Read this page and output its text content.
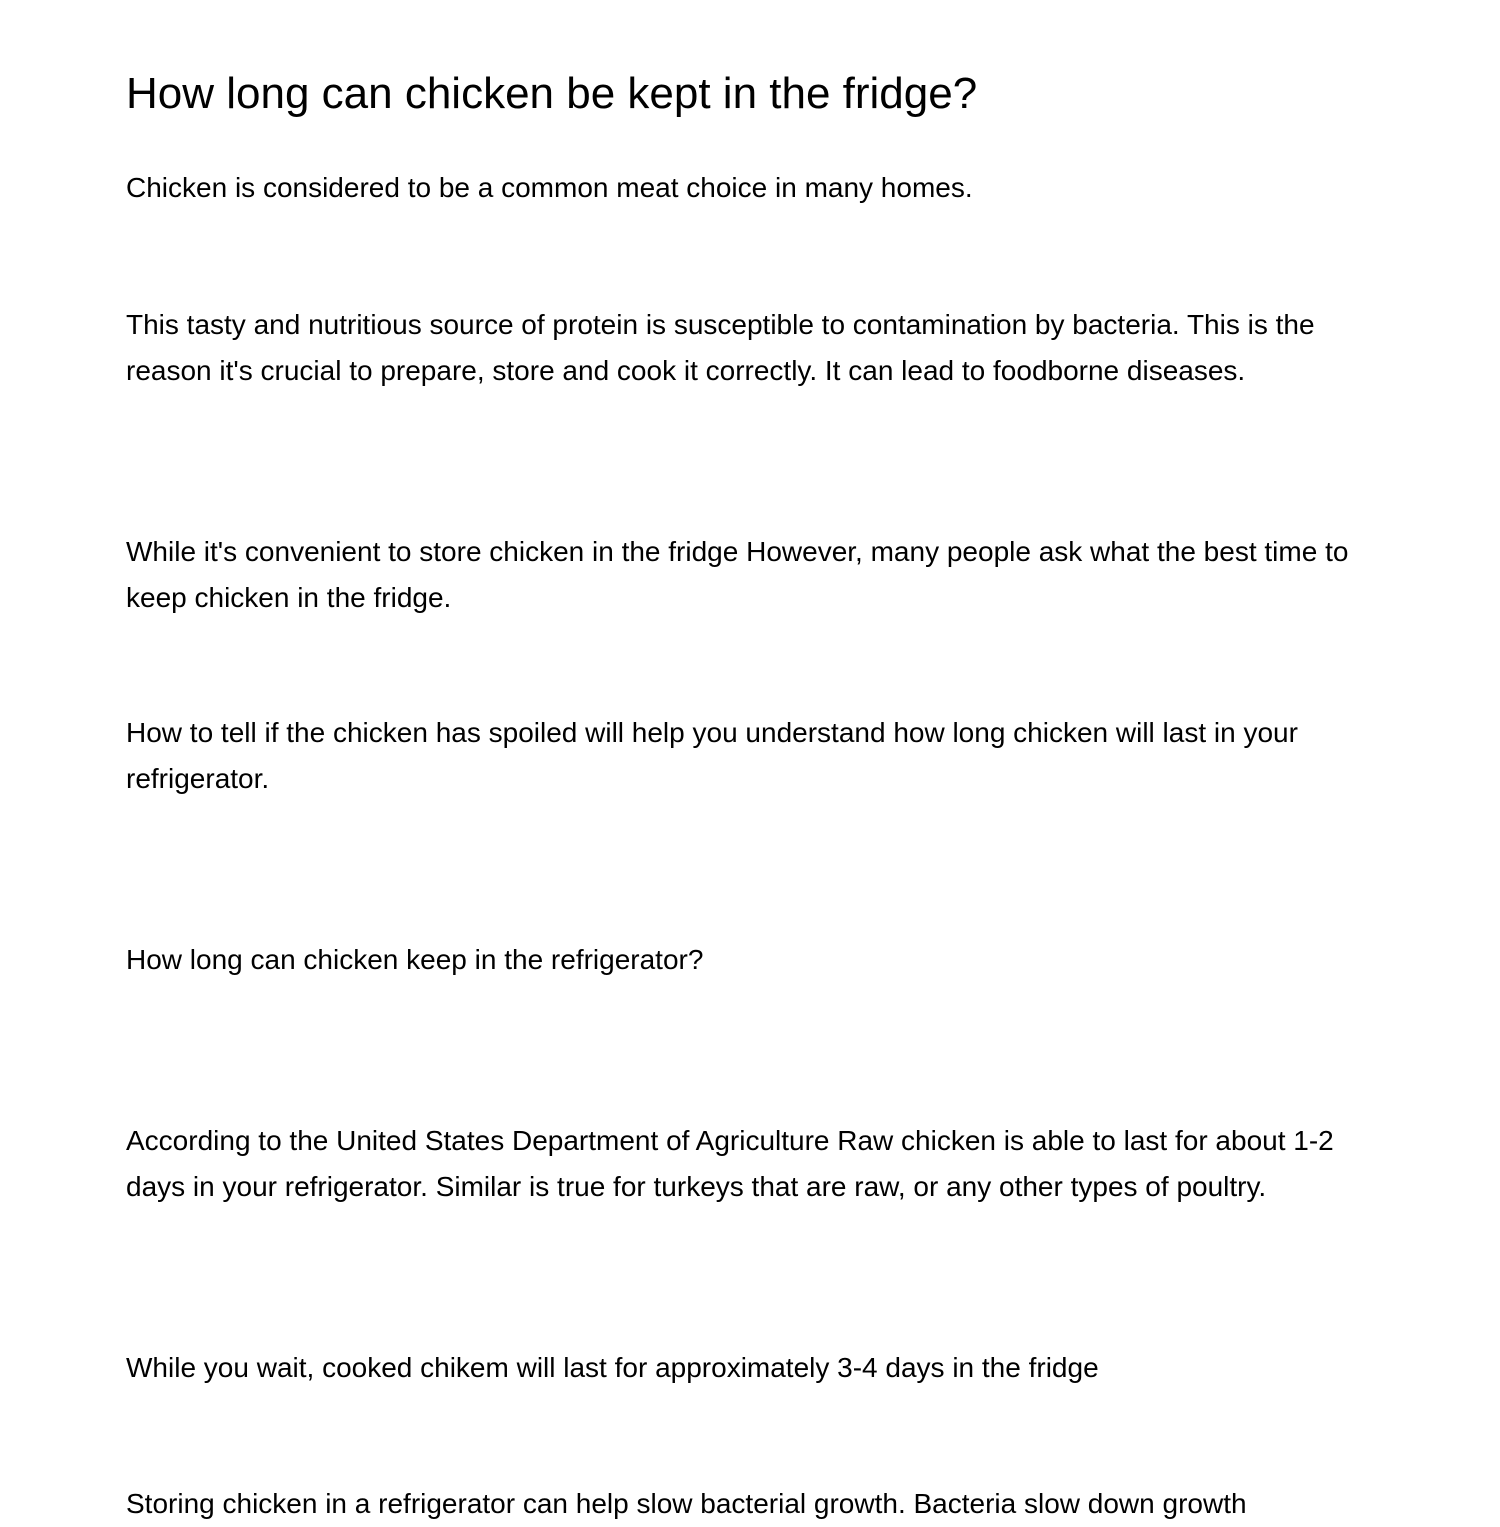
How long can chicken be kept in the fridge?

Chicken is considered to be a common meat choice in many homes.

This tasty and nutritious source of protein is susceptible to contamination by bacteria. This is the reason it's crucial to prepare, store and cook it correctly. It can lead to foodborne diseases.

While it's convenient to store chicken in the fridge However, many people ask what the best time to keep chicken in the fridge.

How to tell if the chicken has spoiled will help you understand how long chicken will last in your refrigerator.

How long can chicken keep in the refrigerator?

According to the United States Department of Agriculture Raw chicken is able to last for about 1-2 days in your refrigerator. Similar is true for turkeys that are raw, or any other types of poultry.

While you wait, cooked chikem will last for approximately 3-4 days in the fridge

Storing chicken in a refrigerator can help slow bacterial growth. Bacteria slow down growth
